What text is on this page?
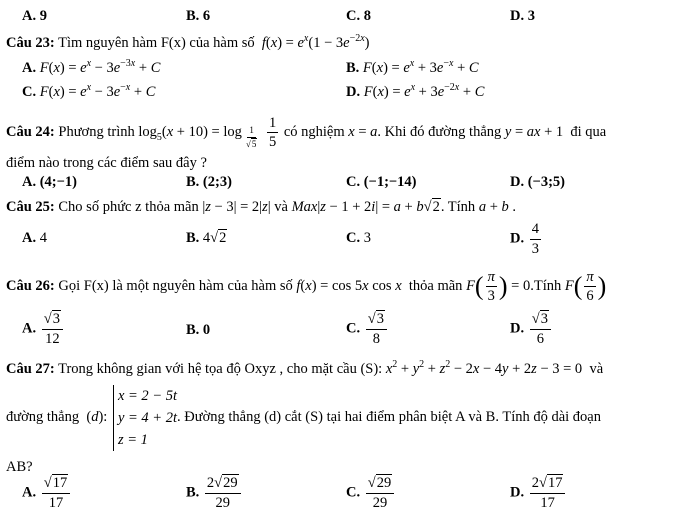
A. 9	B. 6	C. 8	D. 3
Câu 23: Tìm nguyên hàm F(x) của hàm số  $f(x) = e^x(1 - 3e^{-2x})$
A. $F(x) = e^x - 3e^{-3x} + C$	B. $F(x) = e^x + 3e^{-x} + C$
C. $F(x) = e^x - 3e^{-x} + C$	D. $F(x) = e^x + 3e^{-2x} + C$
Câu 24: Phương trình $\log_5(x + 10) = \log _{1 √ 5}$
$\frac{1}{5}$ có nghiệm x = a. Khi đó đường thẳng y = ax + 1  đi qua
điểm nào trong các điểm sau đây ?
A. (4;−1)	B. (2;3)	C. (−1;−14)	D. (−3;5)
Câu 25: Cho số phức z thỏa mãn |z − 3| = 2|z| và Max|z − 1 + 2i| = a + b √ 2. Tính a + b .
A. 4	B. 4 √ 2	C. 3	D. $\frac{4}{3}$
Câu 26: Gọi F(x) là một nguyên hàm của hàm số f(x) = cos 5x cos x thỏa mãn $F( \frac{\pi}{3}$ ) = 0.Tính $F( \frac{\pi}{6}$ )
A. √ $\frac{3}{12}$	B. 0	C. √ $\frac{3}{8}$	D. √ $\frac{3}{6}$
Câu 27: Trong không gian với hệ tọa độ Oxyz , cho mặt cầu (S): $x^2 + y^2 + z^2 - 2x - 4y + 2z - 3 = 0$  và
đường thẳng  (d):
x = 2 − 5t
y = 4 + 2t
z = 1
. Đường thẳng (d) cắt (S) tại hai điểm phân biệt A và B. Tính độ dài đoạn
AB?
A. √ $\frac{17}{17}$	B. $\frac{2 √ 29}{29}$	C. √ $\frac{29}{29}$	D. $\frac{2 √ 17}{17}$
